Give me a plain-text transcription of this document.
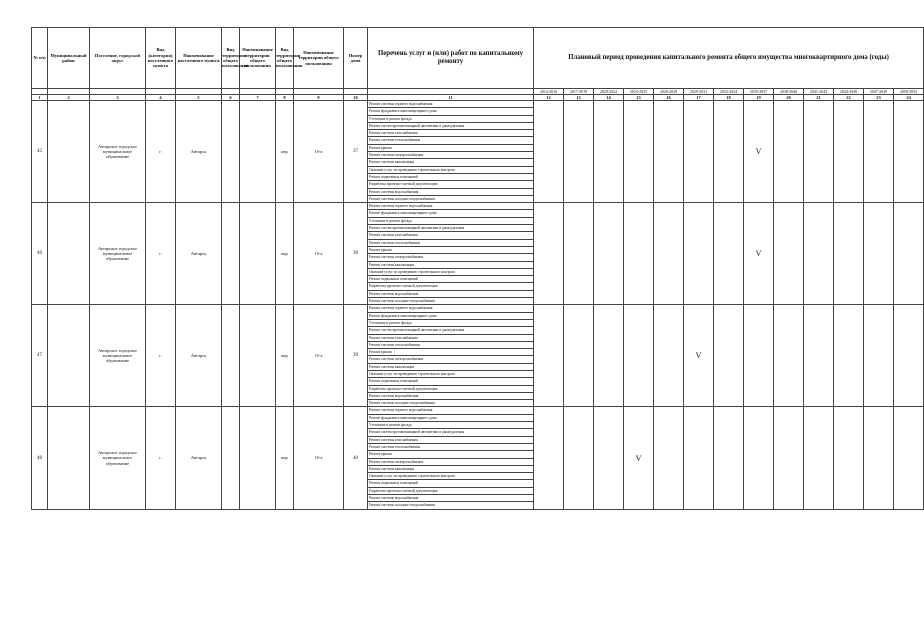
№ п/п	Муниципальный район	Поселение, городской округ	Вид (категория) населенного пункта	Наименование населенного пункта	Вид территории общего пользования	Наименование территории общего пользования	Вид территории общего пользования	Наименование территории общего пользования	Номер дома	Перечень услуг и (или) работ по капитальному ремонту	Плановый период проведения капитального ремонта общего имущества многоквартирного дома (годы)												
											2014-2016	2017-2019	2020-2022	2023-2025	2026-2028	2029-2031	2032-2034	2035-2037	2038-2040	2041-2043	2044-2046	2047-2049	2050-2052
1	2	3	4	5	6	7	8	9	10	11	12	13	14	15	16	17	18	19	20	21	22	23	24
45		Ангарское городское муниципальное образование	г.	Ангарск			квр	10-а	37	Ремонт системы горячего водоснабжения								V					
										Ремонт фундамента многоквартирного дома													
										Утепление и ремонт фасада													
										Ремонт систем противопожарной автоматики и дымоудаления													
										Ремонт системы газоснабжения													
										Ремонт системы теплоснабжения													
										Ремонт крыши													
										Ремонт системы электроснабжения													
										Ремонт системы канализации													
										Оказание услуг по проведению строительного контроля													
										Ремонт подвальных помещений													
										Разработка проектно-сметной документации													
										Ремонт системы водоснабжения													
										Ремонт системы холодного водоснабжения													
46		Ангарское городское муниципальное образование	г.	Ангарск			квр	10-а	38	Ремонт системы горячего водоснабжения								V					
										Ремонт фундамента многоквартирного дома													
										Утепление и ремонт фасада													
										Ремонт систем противопожарной автоматики и дымоудаления													
										Ремонт системы газоснабжения													
										Ремонт системы теплоснабжения													
										Ремонт крыши													
										Ремонт системы электроснабжения													
										Ремонт системы канализации													
										Оказание услуг по проведению строительного контроля													
										Ремонт подвальных помещений													
										Разработка проектно-сметной документации													
										Ремонт системы водоснабжения													
										Ремонт системы холодного водоснабжения													
47		Ангарское городское муниципальное образование	г.	Ангарск			квр	10-а	39	Ремонт системы горячего водоснабжения						V							
										Ремонт фундамента многоквартирного дома													
										Утепление и ремонт фасада													
										Ремонт систем противопожарной автоматики и дымоудаления													
										Ремонт системы газоснабжения													
										Ремонт системы теплоснабжения													
										Ремонт крыши													
										Ремонт системы электроснабжения													
										Ремонт системы канализации													
										Оказание услуг по проведению строительного контроля													
										Ремонт подвальных помещений													
										Разработка проектно-сметной документации													
										Ремонт системы водоснабжения													
										Ремонт системы холодного водоснабжения													
48		Ангарское городское муниципальное образование	г.	Ангарск			квр	10-а	40	Ремонт системы горячего водоснабжения				V									
										Ремонт фундамента многоквартирного дома													
										Утепление и ремонт фасада													
										Ремонт систем противопожарной автоматики и дымоудаления													
										Ремонт системы газоснабжения													
										Ремонт системы теплоснабжения													
										Ремонт крыши													
										Ремонт системы электроснабжения													
										Ремонт системы канализации													
										Оказание услуг по проведению строительного контроля													
										Ремонт подвальных помещений													
										Разработка проектно-сметной документации													
										Ремонт системы водоснабжения													
										Ремонт системы холодного водоснабжения													
